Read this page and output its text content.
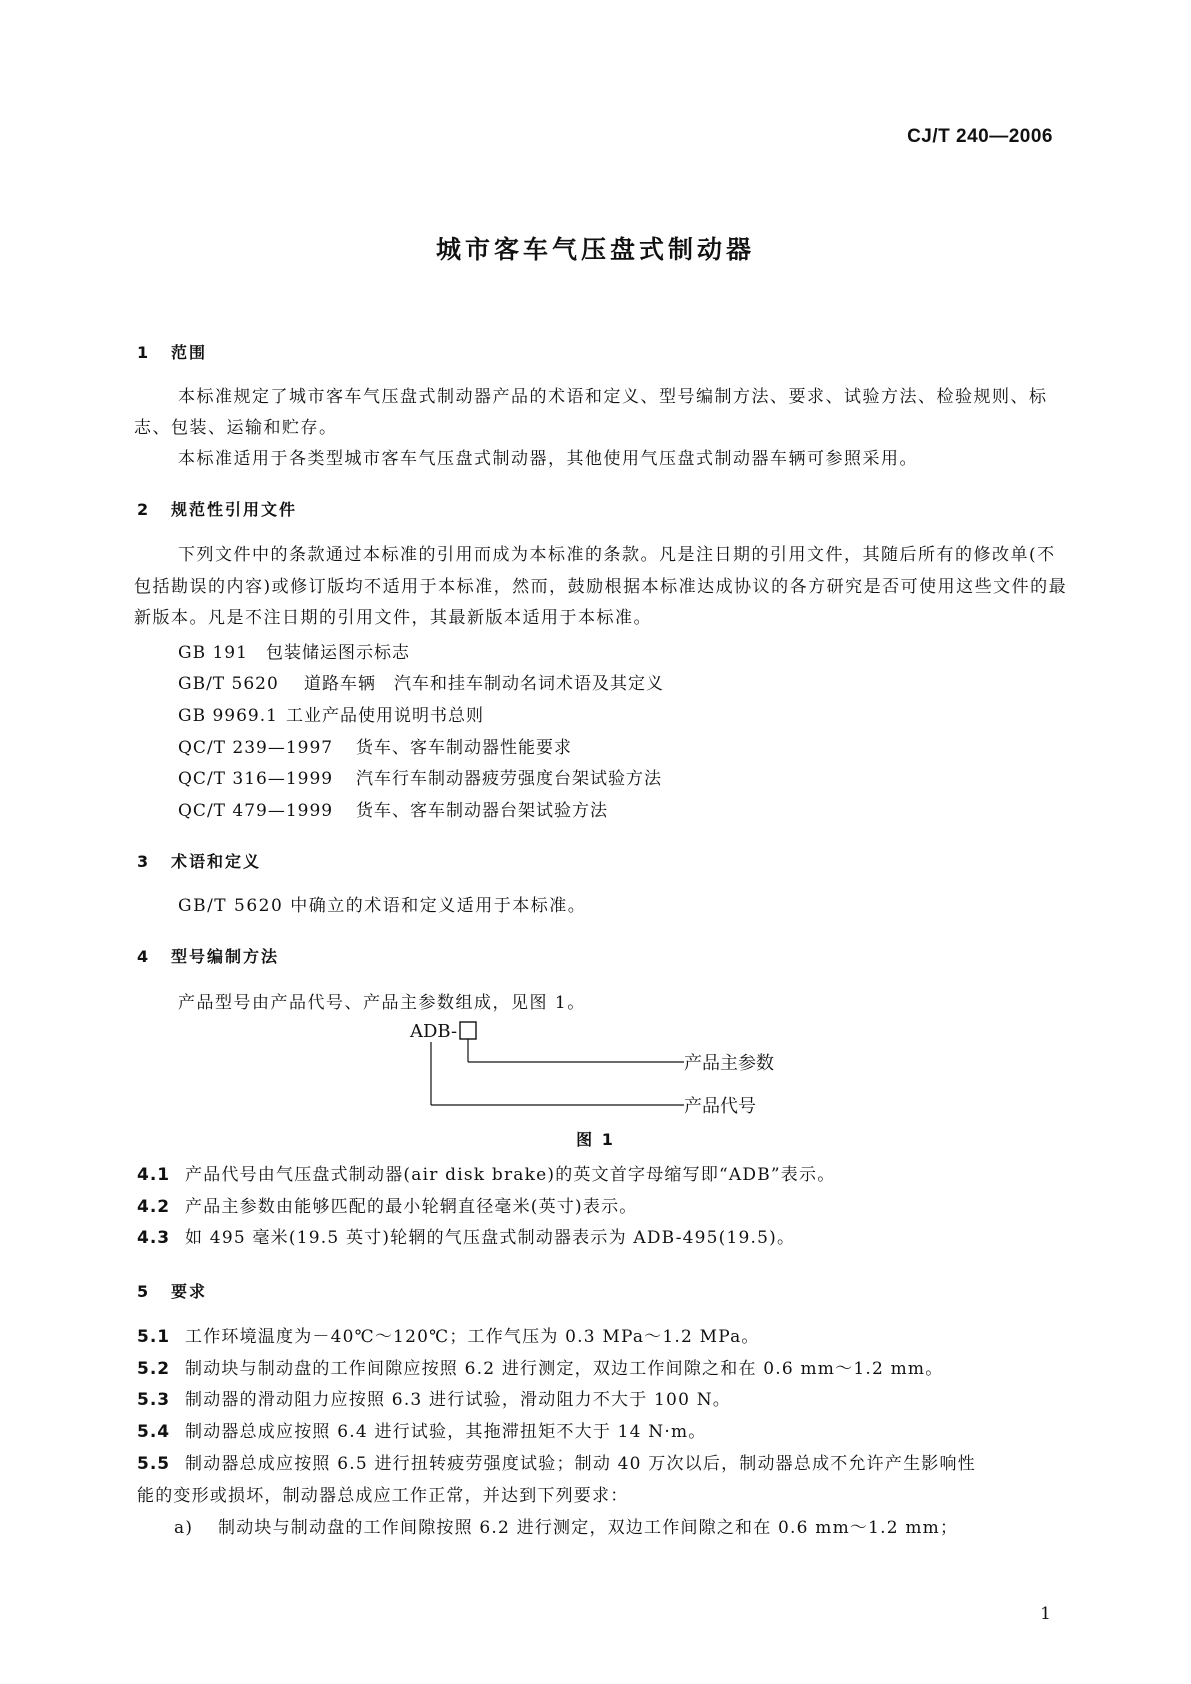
CJ/T 240—2006
城市客车气压盘式制动器
1 范围
本标准规定了城市客车气压盘式制动器产品的术语和定义、型号编制方法、要求、试验方法、检验规则、标志、包装、运输和贮存。
本标准适用于各类型城市客车气压盘式制动器，其他使用气压盘式制动器车辆可参照采用。
2 规范性引用文件
下列文件中的条款通过本标准的引用而成为本标准的条款。凡是注日期的引用文件，其随后所有的修改单(不包括勘误的内容)或修订版均不适用于本标准，然而，鼓励根据本标准达成协议的各方研究是否可使用这些文件的最新版本。凡是不注日期的引用文件，其最新版本适用于本标准。
GB 191 包装储运图示标志
GB/T 5620 道路车辆　汽车和挂车制动名词术语及其定义
GB 9969.1 工业产品使用说明书总则
QC/T 239—1997 货车、客车制动器性能要求
QC/T 316—1999 汽车行车制动器疲劳强度台架试验方法
QC/T 479—1999 货车、客车制动器台架试验方法
3 术语和定义
GB/T 5620 中确立的术语和定义适用于本标准。
4 型号编制方法
产品型号由产品代号、产品主参数组成，见图 1。
ADB-
产品主参数
产品代号
图 1
4.1 产品代号由气压盘式制动器(air disk brake)的英文首字母缩写即“ADB”表示。
4.2 产品主参数由能够匹配的最小轮辋直径毫米(英寸)表示。
4.3 如 495 毫米(19.5 英寸)轮辋的气压盘式制动器表示为 ADB-495(19.5)。
5 要求
5.1 工作环境温度为－40℃～120℃；工作气压为 0.3 MPa～1.2 MPa。
5.2 制动块与制动盘的工作间隙应按照 6.2 进行测定，双边工作间隙之和在 0.6 mm～1.2 mm。
5.3 制动器的滑动阻力应按照 6.3 进行试验，滑动阻力不大于 100 N。
5.4 制动器总成应按照 6.4 进行试验，其拖滞扭矩不大于 14 N·m。
5.5 制动器总成应按照 6.5 进行扭转疲劳强度试验；制动 40 万次以后，制动器总成不允许产生影响性
能的变形或损坏，制动器总成应工作正常，并达到下列要求：
a) 制动块与制动盘的工作间隙按照 6.2 进行测定，双边工作间隙之和在 0.6 mm～1.2 mm；
1
